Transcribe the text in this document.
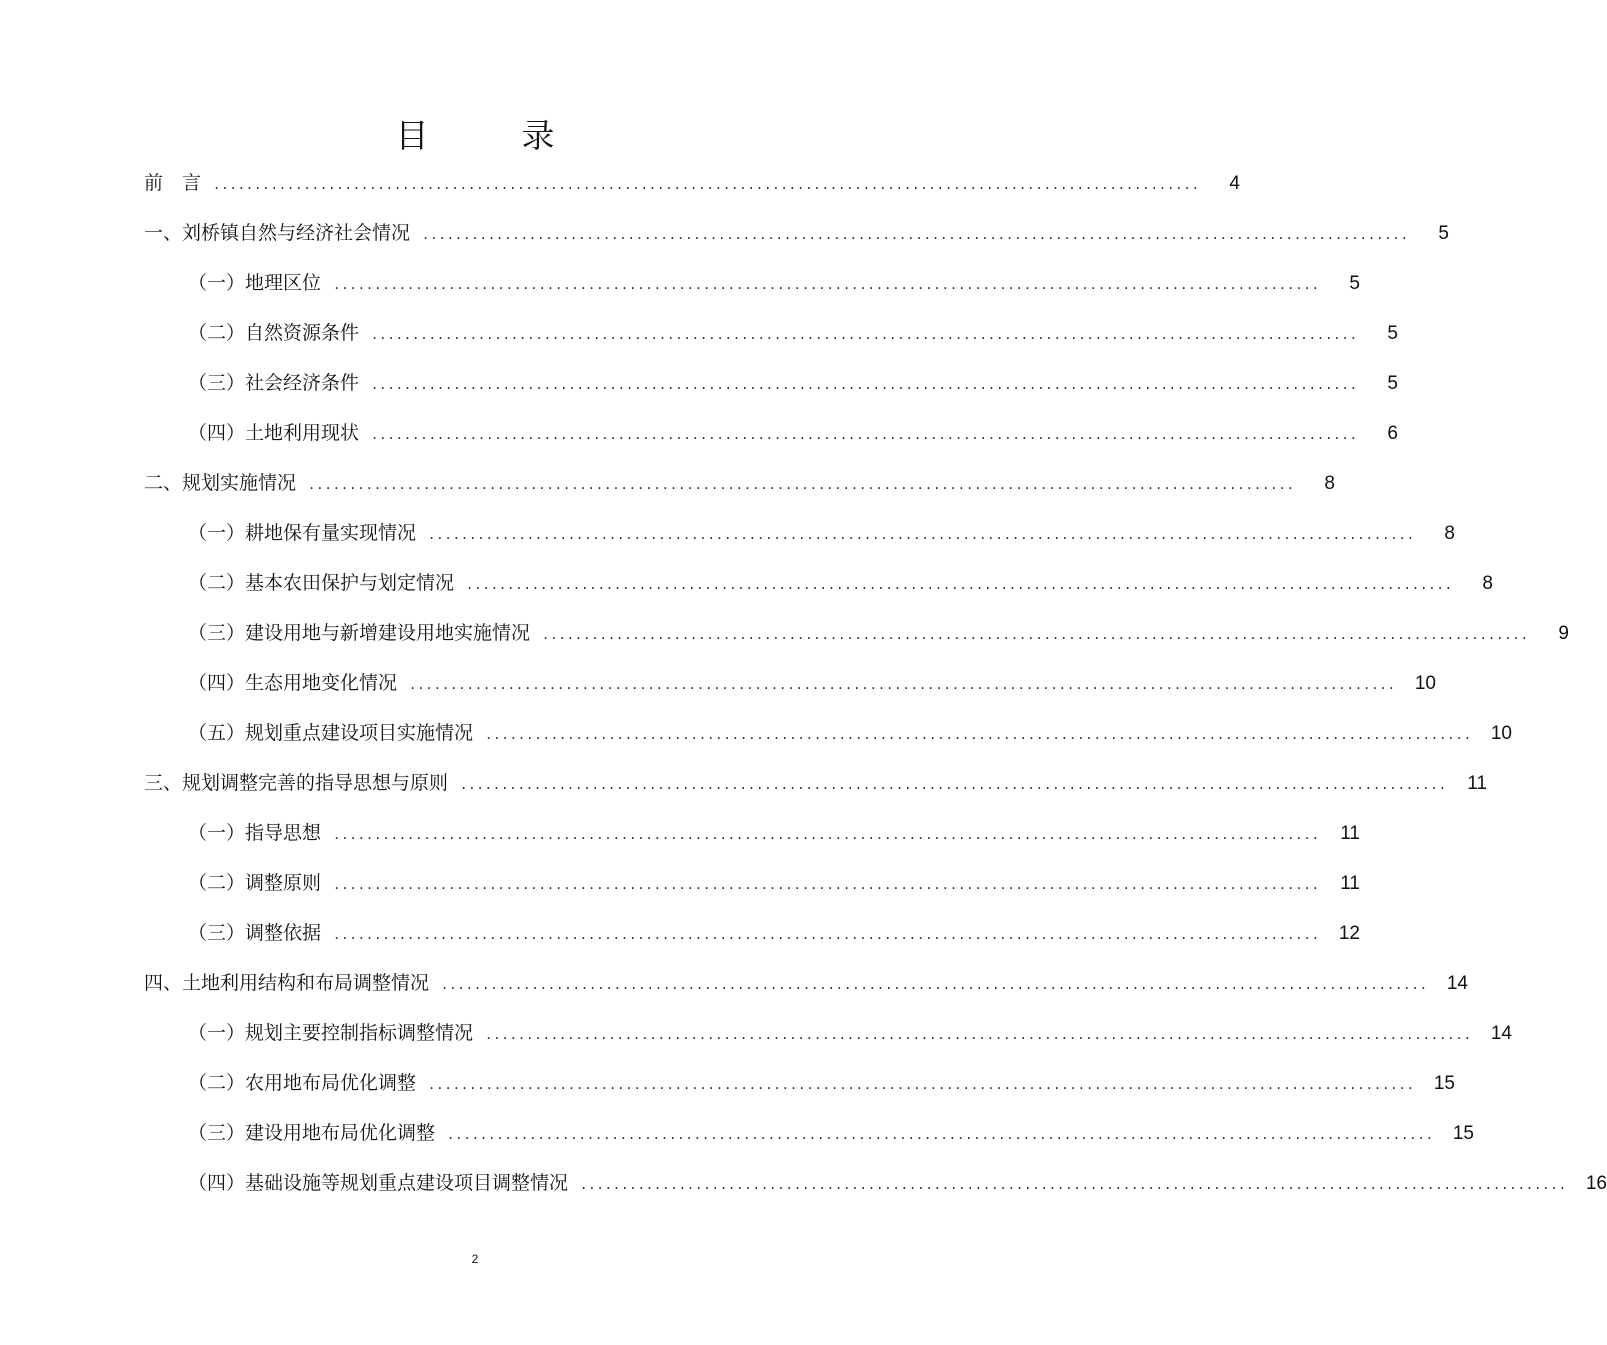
目　录
前　言	........................................................................................................................	4
一、刘桥镇自然与经济社会情况	........................................................................................................................	5
（一）地理区位	........................................................................................................................	5
（二）自然资源条件	........................................................................................................................	5
（三）社会经济条件	........................................................................................................................	5
（四）土地利用现状	........................................................................................................................	6
二、规划实施情况	........................................................................................................................	8
（一）耕地保有量实现情况	........................................................................................................................	8
（二）基本农田保护与划定情况	........................................................................................................................	8
（三）建设用地与新增建设用地实施情况	........................................................................................................................	9
（四）生态用地变化情况	........................................................................................................................ 10
（五）规划重点建设项目实施情况	........................................................................................................................ 10
三、规划调整完善的指导思想与原则	........................................................................................................................	11
（一）指导思想	........................................................................................................................	11
（二）调整原则	........................................................................................................................	11
（三）调整依据	........................................................................................................................ 12
四、土地利用结构和布局调整情况	........................................................................................................................ 14
（一）规划主要控制指标调整情况	........................................................................................................................ 14
（二）农用地布局优化调整	........................................................................................................................ 15
（三）建设用地布局优化调整	........................................................................................................................ 15
（四）基础设施等规划重点建设项目调整情况	........................................................................................................................ 16
2
